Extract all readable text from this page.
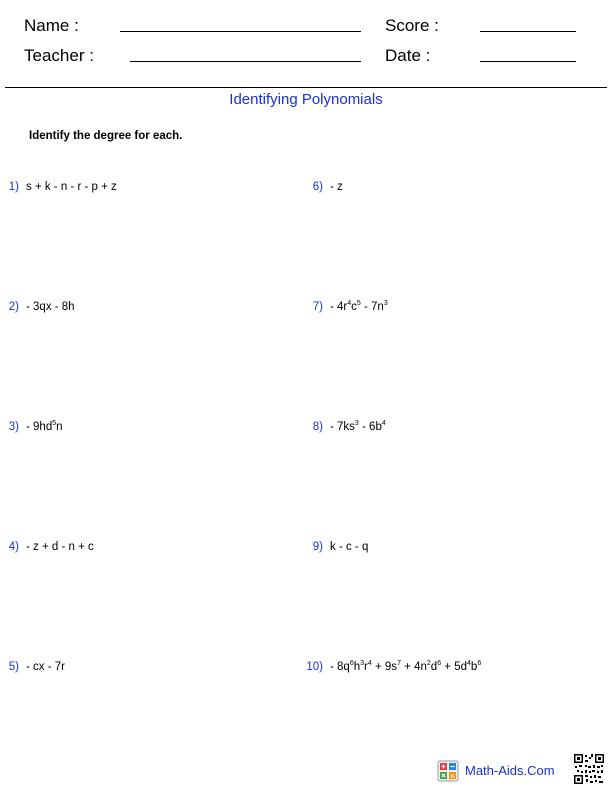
Name :	Score :
Teacher :	Date :
Identifying Polynomials
Identify the degree for each.
1) s + k - n - r - p + z
2) - 3qx - 8h
$3) - 9hd^5n$
4) - z + d - n + c
5) - cx - 7r
6) - z
$7) - 4r^4c^5 - 7n^3$
$8) - 7ks^3 - 6b^4$
9) k - c - q
$10) - 8q^6h^3r^4 + 9s^7 + 4n^2d^6 + 5d^4b^6$
Math-Aids.Com
